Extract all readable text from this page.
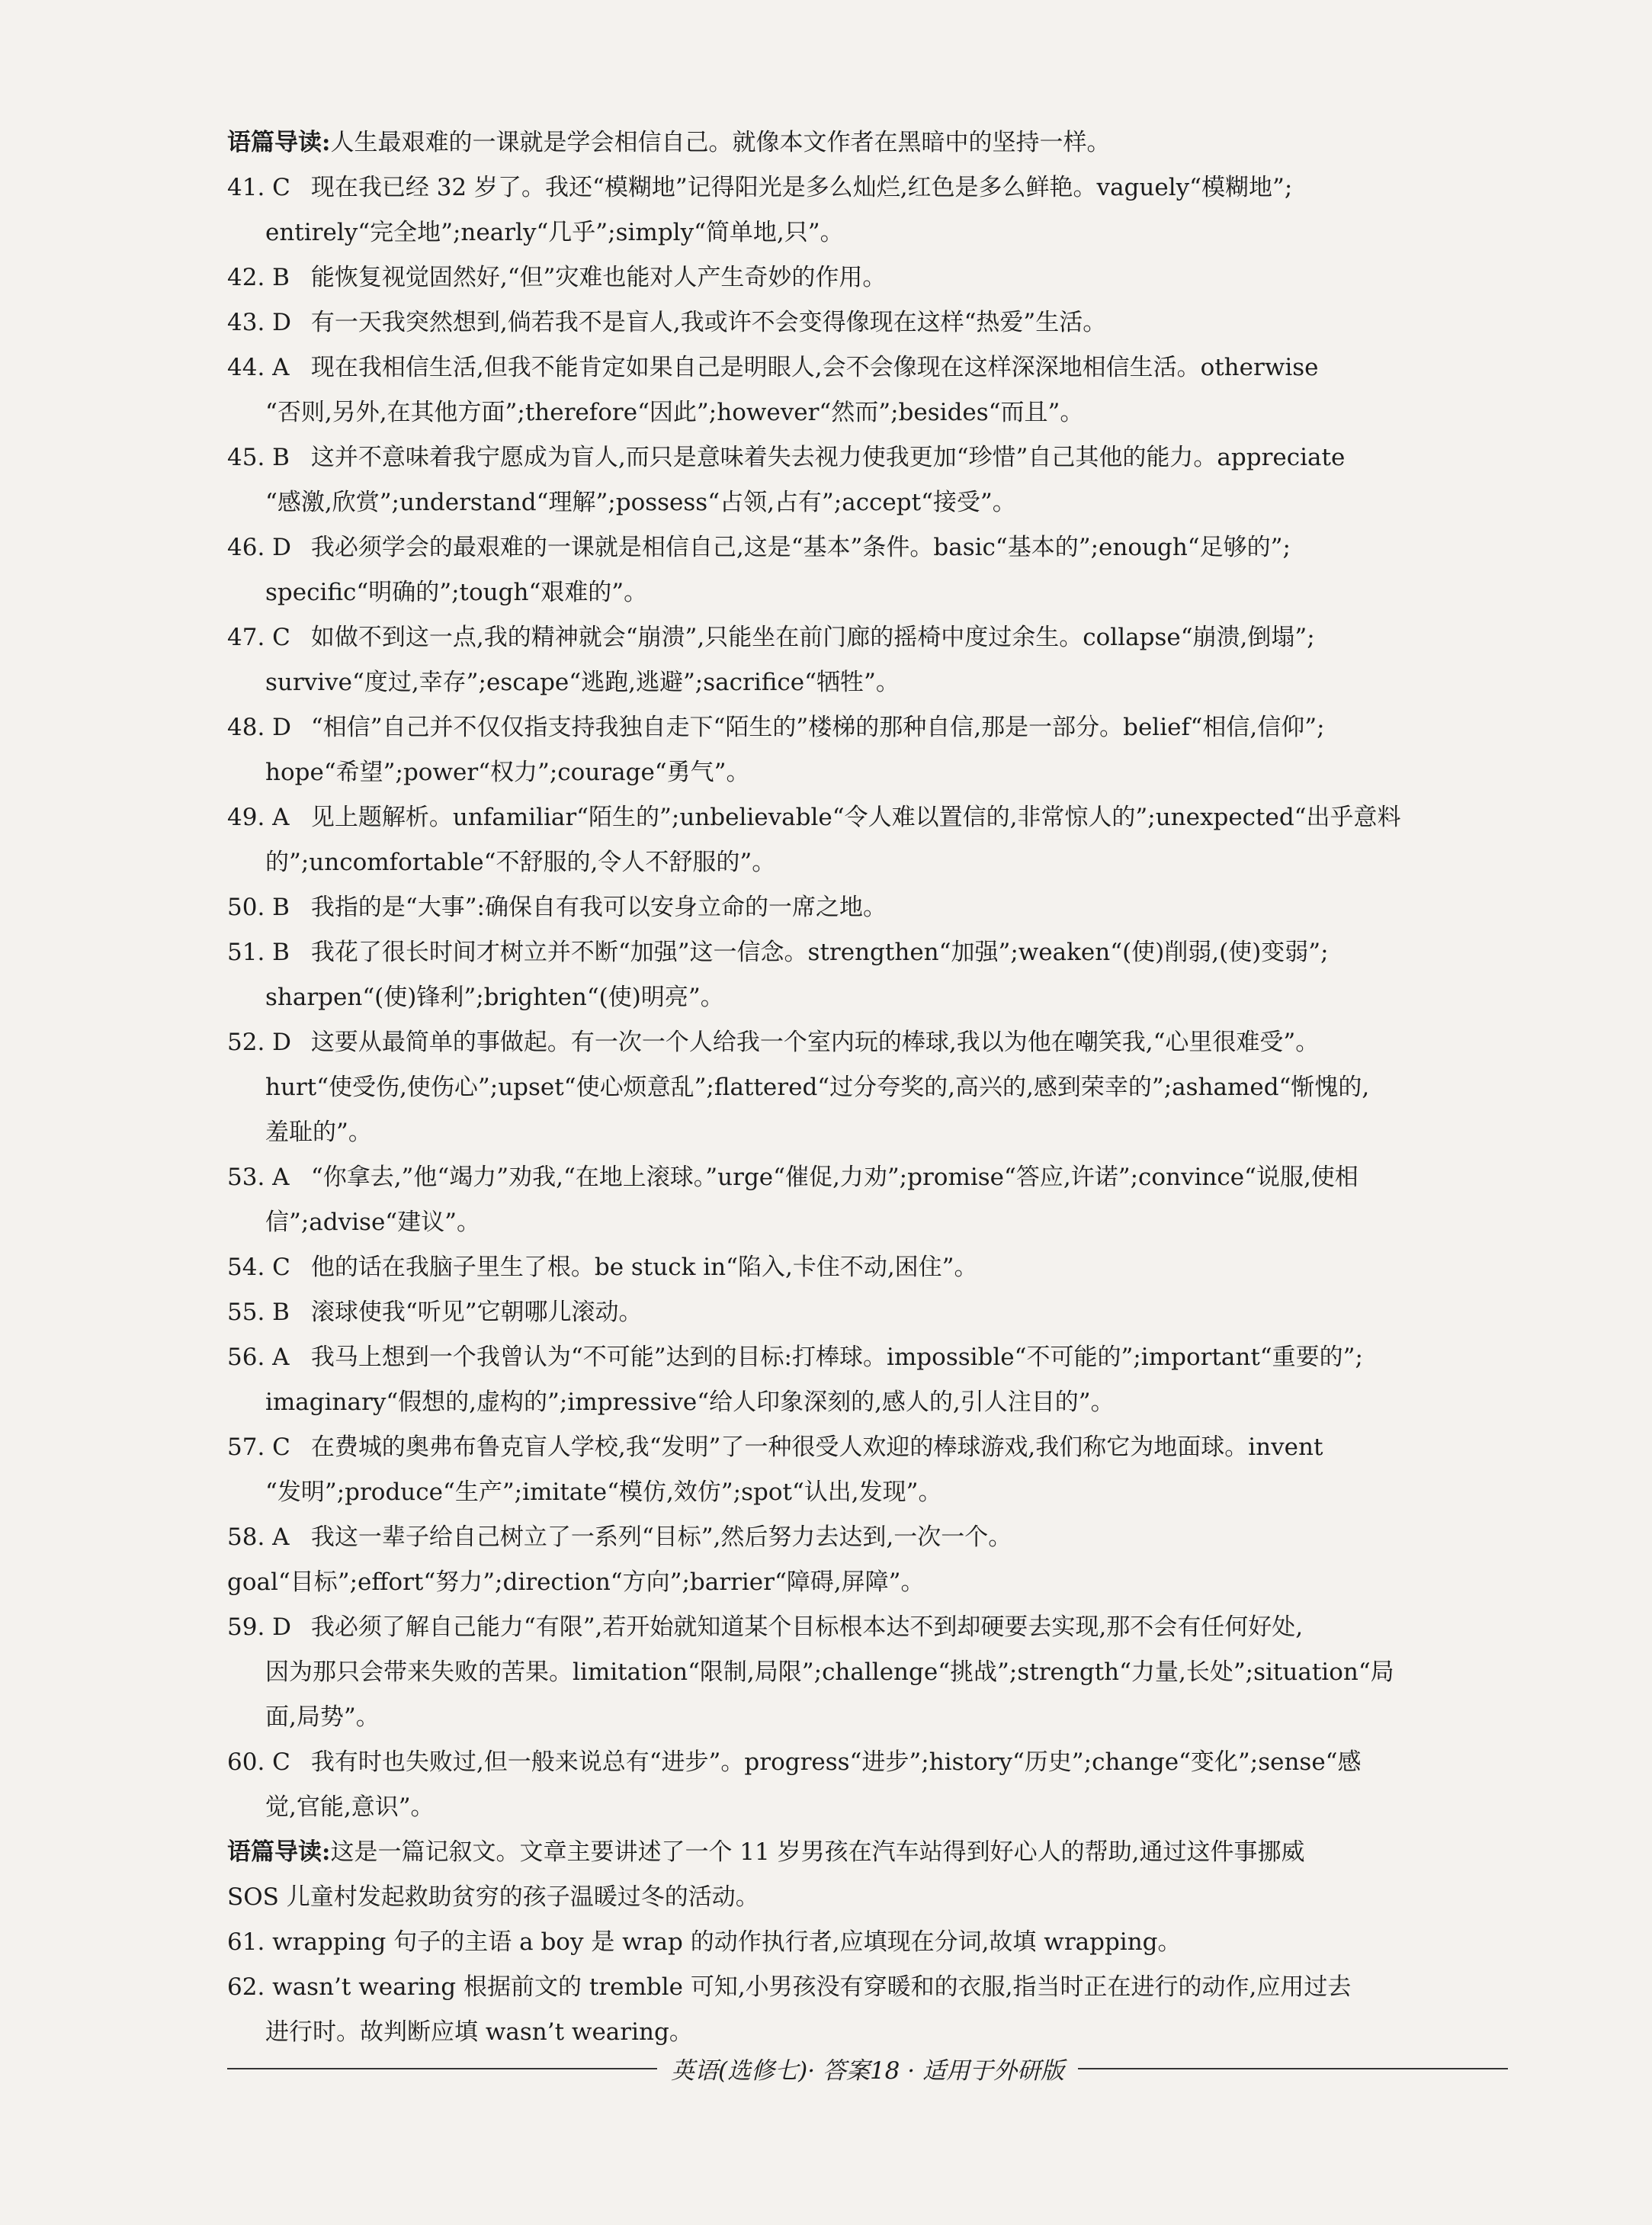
语篇导读:人生最艰难的一课就是学会相信自己。就像本文作者在黑暗中的坚持一样。

41. C 现在我已经 32 岁了。我还“模糊地”记得阳光是多么灿烂,红色是多么鲜艳。vaguely“模糊地”;
entirely“完全地”;nearly“几乎”;simply“简单地,只”。

42. B 能恢复视觉固然好,“但”灾难也能对人产生奇妙的作用。

43. D 有一天我突然想到,倘若我不是盲人,我或许不会变得像现在这样“热爱”生活。

44. A 现在我相信生活,但我不能肯定如果自己是明眼人,会不会像现在这样深深地相信生活。otherwise
“否则,另外,在其他方面”;therefore“因此”;however“然而”;besides“而且”。

45. B 这并不意味着我宁愿成为盲人,而只是意味着失去视力使我更加“珍惜”自己其他的能力。appreciate
“感激,欣赏”;understand“理解”;possess“占领,占有”;accept“接受”。

46. D 我必须学会的最艰难的一课就是相信自己,这是“基本”条件。basic“基本的”;enough“足够的”;
specific“明确的”;tough“艰难的”。

47. C 如做不到这一点,我的精神就会“崩溃”,只能坐在前门廊的摇椅中度过余生。collapse“崩溃,倒塌”;
survive“度过,幸存”;escape“逃跑,逃避”;sacrifice“牺牲”。

48. D “相信”自己并不仅仅指支持我独自走下“陌生的”楼梯的那种自信,那是一部分。belief“相信,信仰”;
hope“希望”;power“权力”;courage“勇气”。

49. A 见上题解析。unfamiliar“陌生的”;unbelievable“令人难以置信的,非常惊人的”;unexpected“出乎意料
的”;uncomfortable“不舒服的,令人不舒服的”。

50. B 我指的是“大事”:确保自有我可以安身立命的一席之地。

51. B 我花了很长时间才树立并不断“加强”这一信念。strengthen“加强”;weaken“(使)削弱,(使)变弱”;
sharpen“(使)锋利”;brighten“(使)明亮”。

52. D 这要从最简单的事做起。有一次一个人给我一个室内玩的棒球,我以为他在嘲笑我,“心里很难受”。
hurt“使受伤,使伤心”;upset“使心烦意乱”;flattered“过分夸奖的,高兴的,感到荣幸的”;ashamed“惭愧的,
羞耻的”。

53. A “你拿去,”他“竭力”劝我,“在地上滚球。”urge“催促,力劝”;promise“答应,许诺”;convince“说服,使相
信”;advise“建议”。

54. C 他的话在我脑子里生了根。be stuck in“陷入,卡住不动,困住”。

55. B 滚球使我“听见”它朝哪儿滚动。

56. A 我马上想到一个我曾认为“不可能”达到的目标:打棒球。impossible“不可能的”;important“重要的”;
imaginary“假想的,虚构的”;impressive“给人印象深刻的,感人的,引人注目的”。

57. C 在费城的奥弗布鲁克盲人学校,我“发明”了一种很受人欢迎的棒球游戏,我们称它为地面球。invent
“发明”;produce“生产”;imitate“模仿,效仿”;spot“认出,发现”。

58. A 我这一辈子给自己树立了一系列“目标”,然后努力去达到,一次一个。
goal“目标”;effort“努力”;direction“方向”;barrier“障碍,屏障”。

59. D 我必须了解自己能力“有限”,若开始就知道某个目标根本达不到却硬要去实现,那不会有任何好处,
因为那只会带来失败的苦果。limitation“限制,局限”;challenge“挑战”;strength“力量,长处”;situation“局
面,局势”。

60. C 我有时也失败过,但一般来说总有“进步”。progress“进步”;history“历史”;change“变化”;sense“感
觉,官能,意识”。

语篇导读:这是一篇记叙文。文章主要讲述了一个 11 岁男孩在汽车站得到好心人的帮助,通过这件事挪威
SOS 儿童村发起救助贫穷的孩子温暖过冬的活动。

61. wrapping 句子的主语 a boy 是 wrap 的动作执行者,应填现在分词,故填 wrapping。

62. wasn’t wearing 根据前文的 tremble 可知,小男孩没有穿暖和的衣服,指当时正在进行的动作,应用过去
进行时。故判断应填 wasn’t wearing。

英语(选修七)· 答案18 · 适用于外研版
